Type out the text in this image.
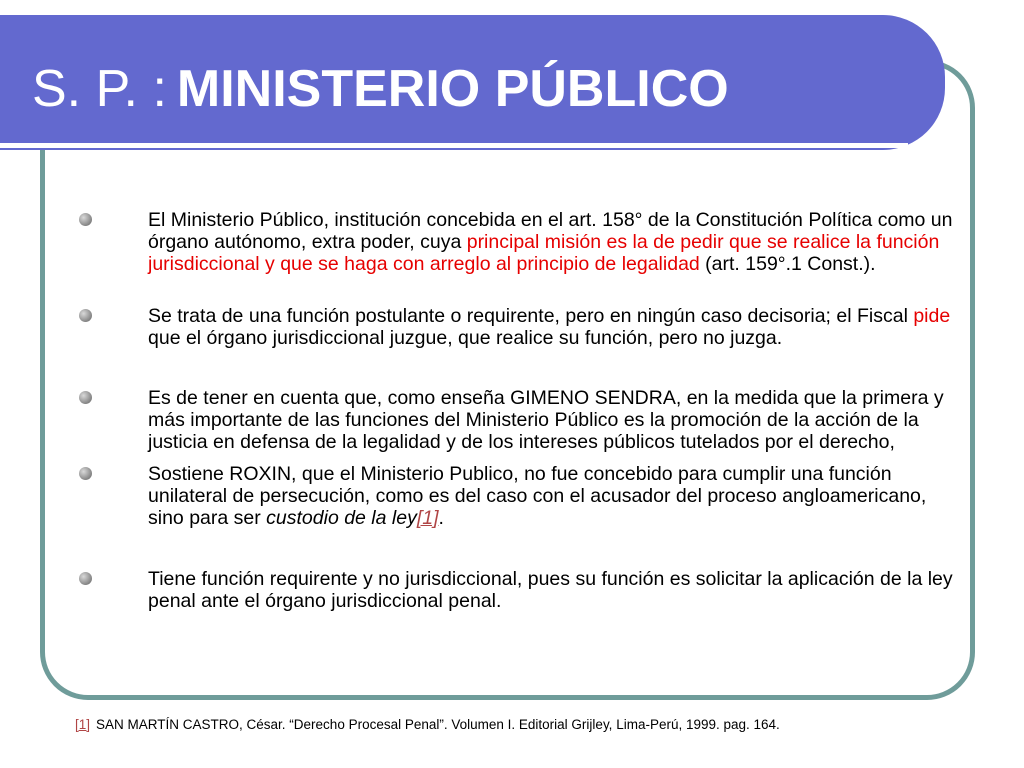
S. P. : MINISTERIO PÚBLICO
El Ministerio Público, institución concebida en el art. 158° de la Constitución Política como un órgano autónomo, extra poder, cuya principal misión es la de pedir que se realice la función jurisdiccional y que se haga con arreglo al principio de legalidad (art. 159°.1 Const.).
Se trata de una función postulante o requirente, pero en ningún caso decisoria; el Fiscal pide que el órgano jurisdiccional juzgue, que realice su función, pero no juzga.
Es de tener en cuenta que, como enseña GIMENO SENDRA, en la medida que la primera y más importante de las funciones del Ministerio Público es la promoción de la acción de la justicia en defensa de la legalidad y de los intereses públicos tutelados por el derecho,
Sostiene ROXIN, que el Ministerio Publico, no fue concebido para cumplir una función unilateral de persecución, como es del caso con el acusador del proceso angloamericano, sino para ser custodio de la ley[1].
Tiene función requirente y no jurisdiccional, pues su función es solicitar la aplicación de la ley penal ante el órgano jurisdiccional penal.

[1] SAN MARTÍN CASTRO, César. “Derecho Procesal Penal”. Volumen I. Editorial Grijley, Lima-Perú, 1999. pag. 164.
